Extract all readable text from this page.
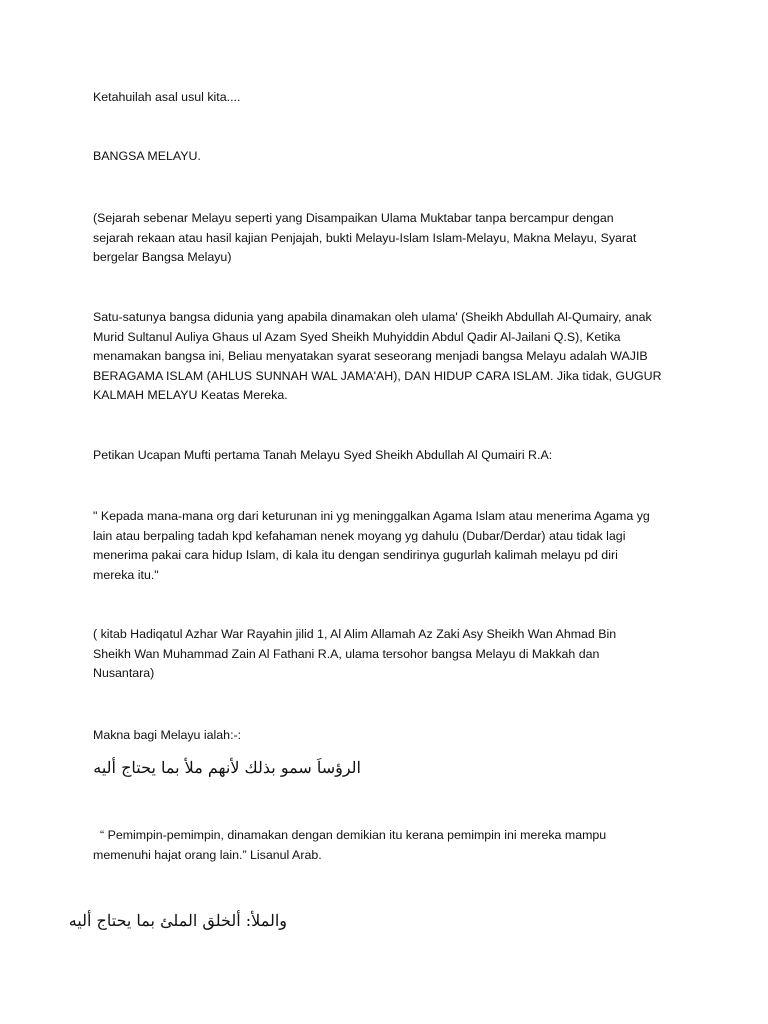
Ketahuilah asal usul kita....

BANGSA MELAYU.

(Sejarah sebenar Melayu seperti yang Disampaikan Ulama Muktabar tanpa bercampur dengan
sejarah rekaan atau hasil kajian Penjajah, bukti Melayu-Islam Islam-Melayu, Makna Melayu, Syarat
bergelar Bangsa Melayu)

Satu-satunya bangsa didunia yang apabila dinamakan oleh ulama' (Sheikh Abdullah Al-Qumairy, anak
Murid Sultanul Auliya Ghaus ul Azam Syed Sheikh Muhyiddin Abdul Qadir Al-Jailani Q.S), Ketika
menamakan bangsa ini, Beliau menyatakan syarat seseorang menjadi bangsa Melayu adalah WAJIB
BERAGAMA ISLAM (AHLUS SUNNAH WAL JAMA'AH), DAN HIDUP CARA ISLAM. Jika tidak, GUGUR
KALMAH MELAYU Keatas Mereka.

Petikan Ucapan Mufti pertama Tanah Melayu Syed Sheikh Abdullah Al Qumairi R.A:

" Kepada mana-mana org dari keturunan ini yg meninggalkan Agama Islam atau menerima Agama yg
lain atau berpaling tadah kpd kefahaman nenek moyang yg dahulu (Dubar/Derdar) atau tidak lagi
menerima pakai cara hidup Islam, di kala itu dengan sendirinya gugurlah kalimah melayu pd diri
mereka itu."

( kitab Hadiqatul Azhar War Rayahin jilid 1, Al Alim Allamah Az Zaki Asy Sheikh Wan Ahmad Bin
Sheikh Wan Muhammad Zain Al Fathani R.A, ulama tersohor bangsa Melayu di Makkah dan
Nusantara)

Makna bagi Melayu ialah:-:

الرؤساَ سمو بذلك لأنهم ملأ بما يحتاج أليه

“ Pemimpin-pemimpin, dinamakan dengan demikian itu kerana pemimpin ini mereka mampu
memenuhi hajat orang lain.” Lisanul Arab.

والملأ: ألخلق الملئ بما يحتاج أليه
